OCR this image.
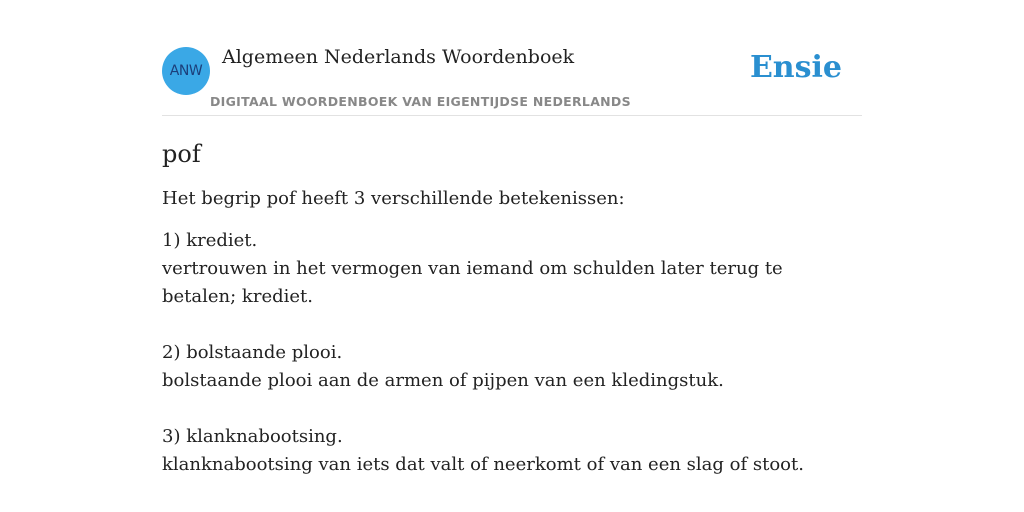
ANW
Algemeen Nederlands Woordenboek
DIGITAAL WOORDENBOEK VAN EIGENTIJDSE NEDERLANDS
Ensie
pof
Het begrip pof heeft 3 verschillende betekenissen:
1) krediet.
vertrouwen in het vermogen van iemand om schulden later terug te betalen; krediet.
2) bolstaande plooi.
bolstaande plooi aan de armen of pijpen van een kledingstuk.
3) klanknabootsing.
klanknabootsing van iets dat valt of neerkomt of van een slag of stoot.
